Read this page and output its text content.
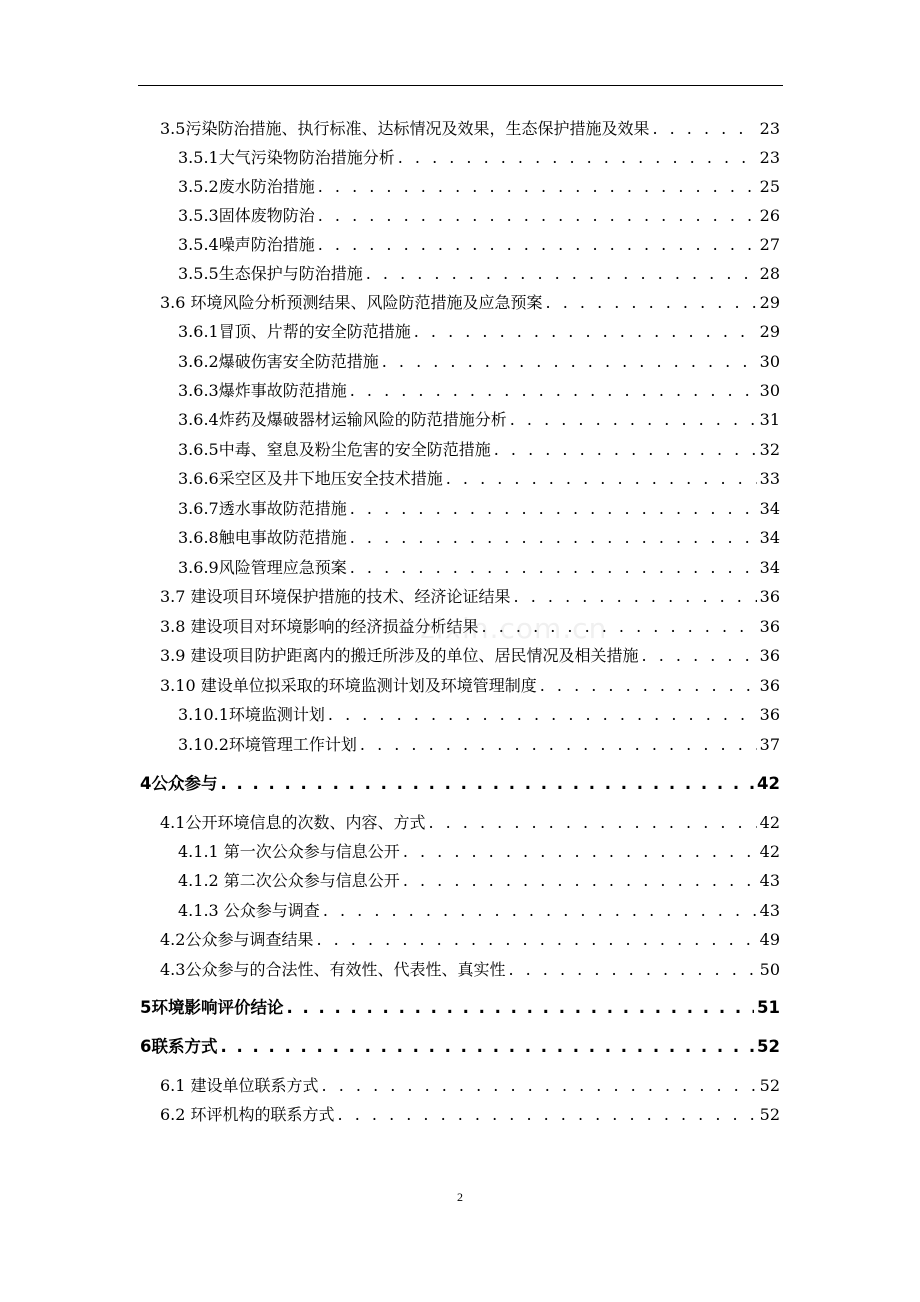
3.5污染防治措施、执行标准、达标情况及效果，生态保护措施及效果 . . .	23
3.5.1大气污染物防治措施分析 . . .	23
3.5.2废水防治措施 . . .	25
3.5.3固体废物防治 . . .	26
3.5.4噪声防治措施 . . .	27
3.5.5生态保护与防治措施 . . .	28
3.6 环境风险分析预测结果、风险防范措施及应急预案 . . .	29
3.6.1冒顶、片帮的安全防范措施 . . .	29
3.6.2爆破伤害安全防范措施 . . .	30
3.6.3爆炸事故防范措施 . . .	30
3.6.4炸药及爆破器材运输风险的防范措施分析 . . .	31
3.6.5中毒、窒息及粉尘危害的安全防范措施 . . .	32
3.6.6采空区及井下地压安全技术措施 . . .	33
3.6.7透水事故防范措施 . . .	34
3.6.8触电事故防范措施 . . .	34
3.6.9风险管理应急预案 . . .	34
3.7 建设项目环境保护措施的技术、经济论证结果 . . .	36
3.8 建设项目对环境影响的经济损益分析结果 . . .	36
3.9 建设项目防护距离内的搬迁所涉及的单位、居民情况及相关措施 . . .	36
3.10 建设单位拟采取的环境监测计划及环境管理制度 . . .	36
3.10.1环境监测计划 . . .	36
3.10.2环境管理工作计划 . . .	37
4公众参与 . . .	42
4.1公开环境信息的次数、内容、方式 . . .	42
4.1.1 第一次公众参与信息公开 . . .	42
4.1.2 第二次公众参与信息公开 . . .	43
4.1.3 公众参与调查 . . .	43
4.2公众参与调查结果 . . .	49
4.3公众参与的合法性、有效性、代表性、真实性 . . .	50
5环境影响评价结论 . . .	51
6联系方式 . . .	52
6.1 建设单位联系方式 . . .	52
6.2 环评机构的联系方式 . . .	52
zixin.com.cn
2
